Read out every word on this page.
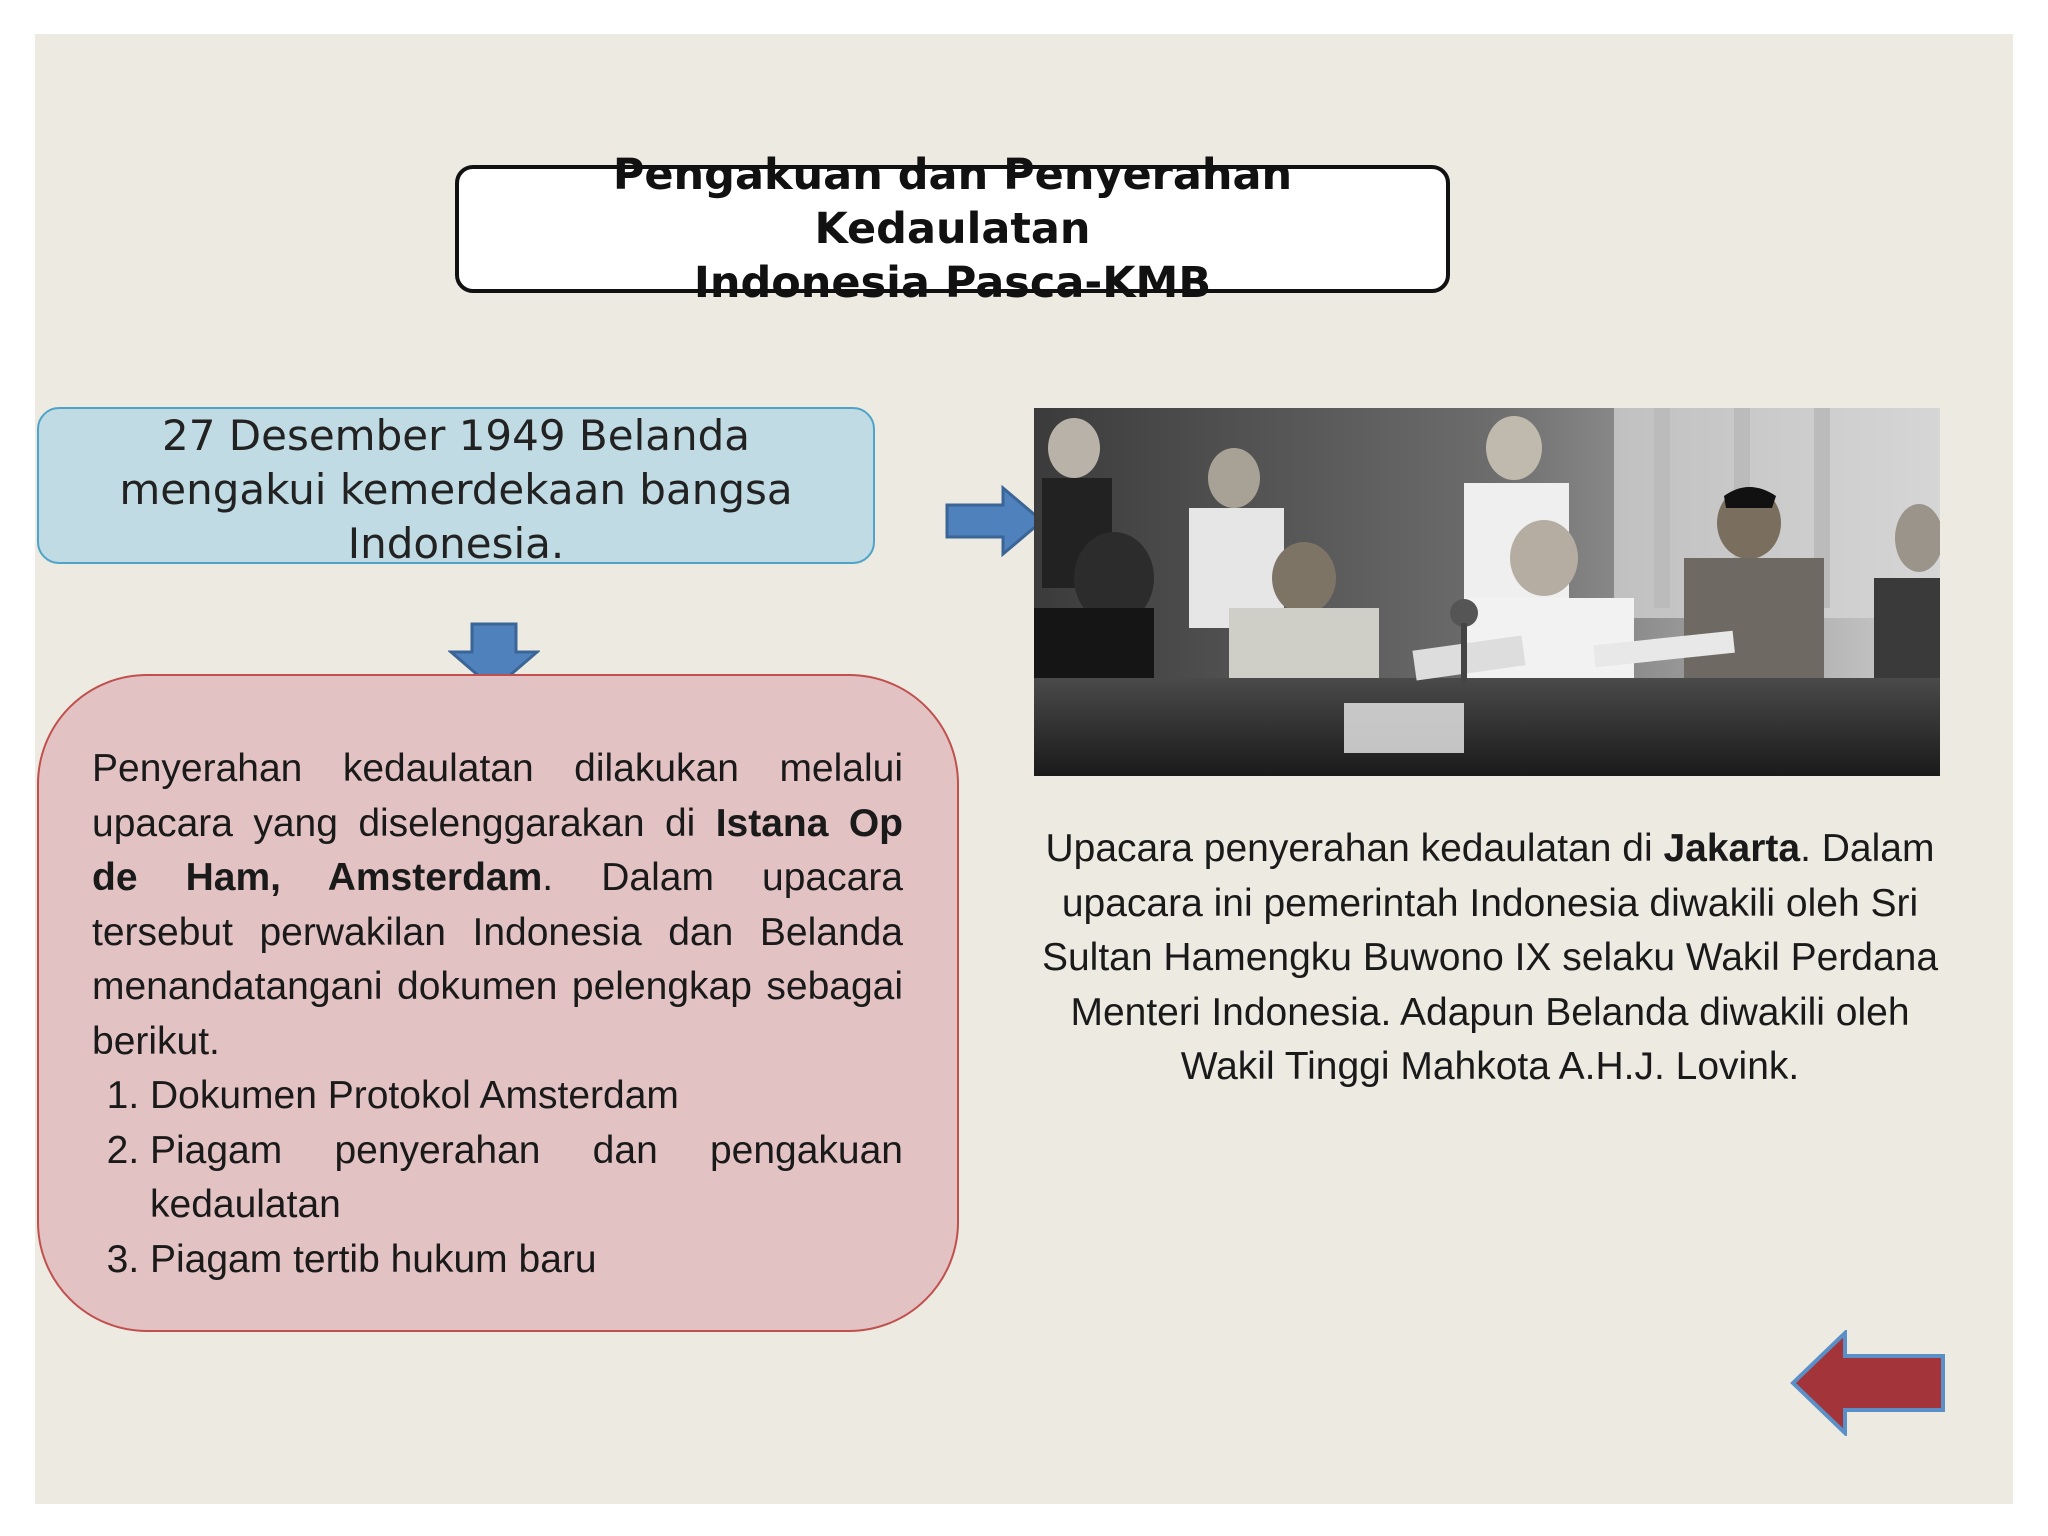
Pengakuan dan Penyerahan Kedaulatan
Indonesia Pasca-KMB
27 Desember 1949 Belanda mengakui kemerdekaan bangsa Indonesia.

Penyerahan kedaulatan dilakukan melalui upacara yang diselenggarakan di Istana Op de Ham, Amsterdam. Dalam upacara tersebut perwakilan Indonesia dan Belanda menandatangani dokumen pelengkap sebagai berikut.

1. Dokumen Protokol Amsterdam
2. Piagam penyerahan dan pengakuan kedaulatan
3. Piagam tertib hukum baru
Upacara penyerahan kedaulatan di Jakarta. Dalam upacara ini pemerintah Indonesia diwakili oleh Sri Sultan Hamengku Buwono IX selaku Wakil Perdana Menteri Indonesia. Adapun Belanda diwakili oleh Wakil Tinggi Mahkota A.H.J. Lovink.
